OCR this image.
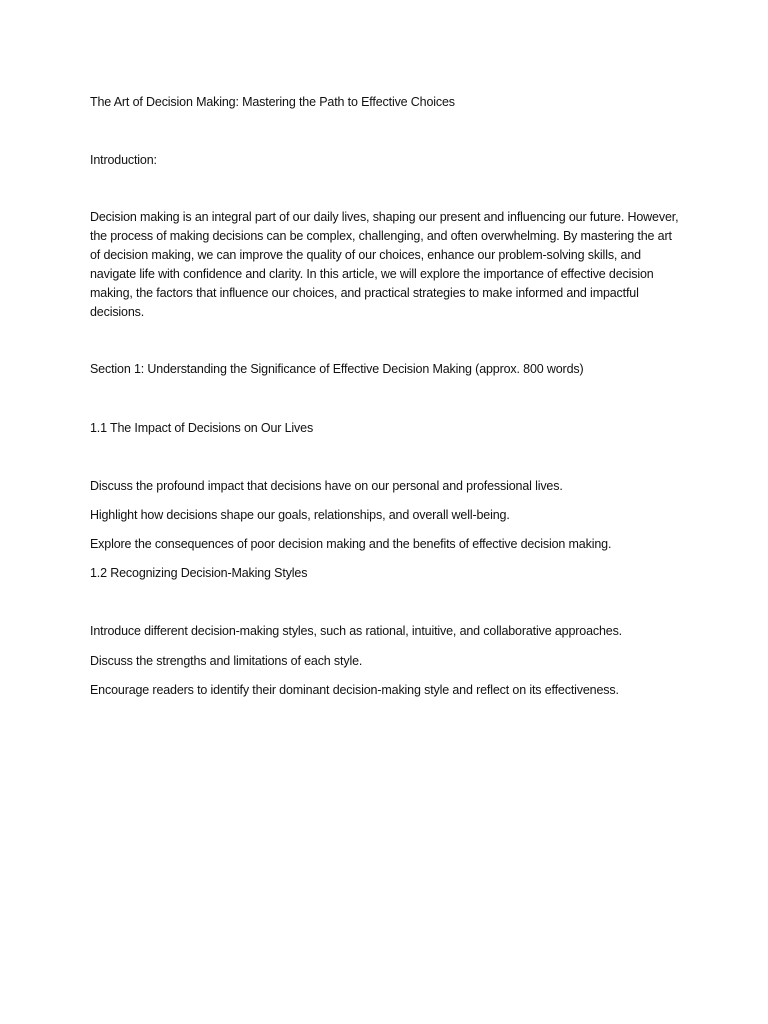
The Art of Decision Making: Mastering the Path to Effective Choices
Introduction:

Decision making is an integral part of our daily lives, shaping our present and influencing our future. However, the process of making decisions can be complex, challenging, and often overwhelming. By mastering the art of decision making, we can improve the quality of our choices, enhance our problem-solving skills, and navigate life with confidence and clarity. In this article, we will explore the importance of effective decision making, the factors that influence our choices, and practical strategies to make informed and impactful decisions.

Section 1: Understanding the Significance of Effective Decision Making (approx. 800 words)
1.1 The Impact of Decisions on Our Lives
Discuss the profound impact that decisions have on our personal and professional lives.
Highlight how decisions shape our goals, relationships, and overall well-being.
Explore the consequences of poor decision making and the benefits of effective decision making.
1.2 Recognizing Decision-Making Styles
Introduce different decision-making styles, such as rational, intuitive, and collaborative approaches.
Discuss the strengths and limitations of each style.
Encourage readers to identify their dominant decision-making style and reflect on its effectiveness.
